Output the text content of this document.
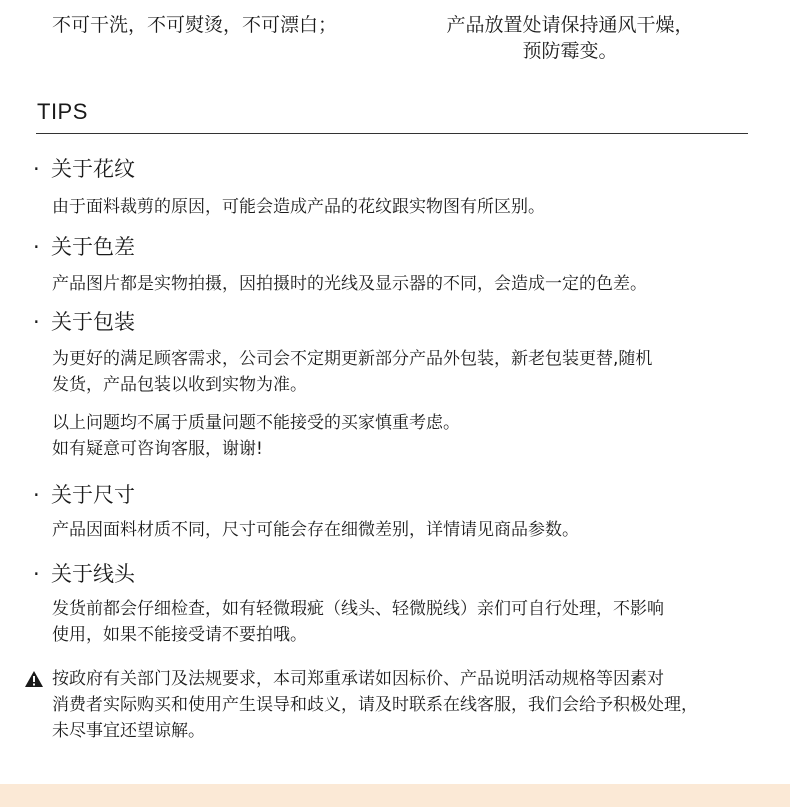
不可干洗，不可熨烫，不可漂白；	产品放置处请保持通风干燥，
预防霉变。
TIPS
· 关于花纹
由于面料裁剪的原因，可能会造成产品的花纹跟实物图有所区别。
· 关于色差
产品图片都是实物拍摄，因拍摄时的光线及显示器的不同，会造成一定的色差。
· 关于包装
为更好的满足顾客需求，公司会不定期更新部分产品外包装，新老包装更替,随机
发货，产品包装以收到实物为准。
以上问题均不属于质量问题不能接受的买家慎重考虑。
如有疑意可咨询客服，谢谢!
· 关于尺寸
产品因面料材质不同，尺寸可能会存在细微差别，详情请见商品参数。
· 关于线头
发货前都会仔细检查，如有轻微瑕疵（线头、轻微脱线）亲们可自行处理，不影响
使用，如果不能接受请不要拍哦。
按政府有关部门及法规要求，本司郑重承诺如因标价、产品说明活动规格等因素对
消费者实际购买和使用产生误导和歧义，请及时联系在线客服，我们会给予积极处理，
未尽事宜还望谅解。
